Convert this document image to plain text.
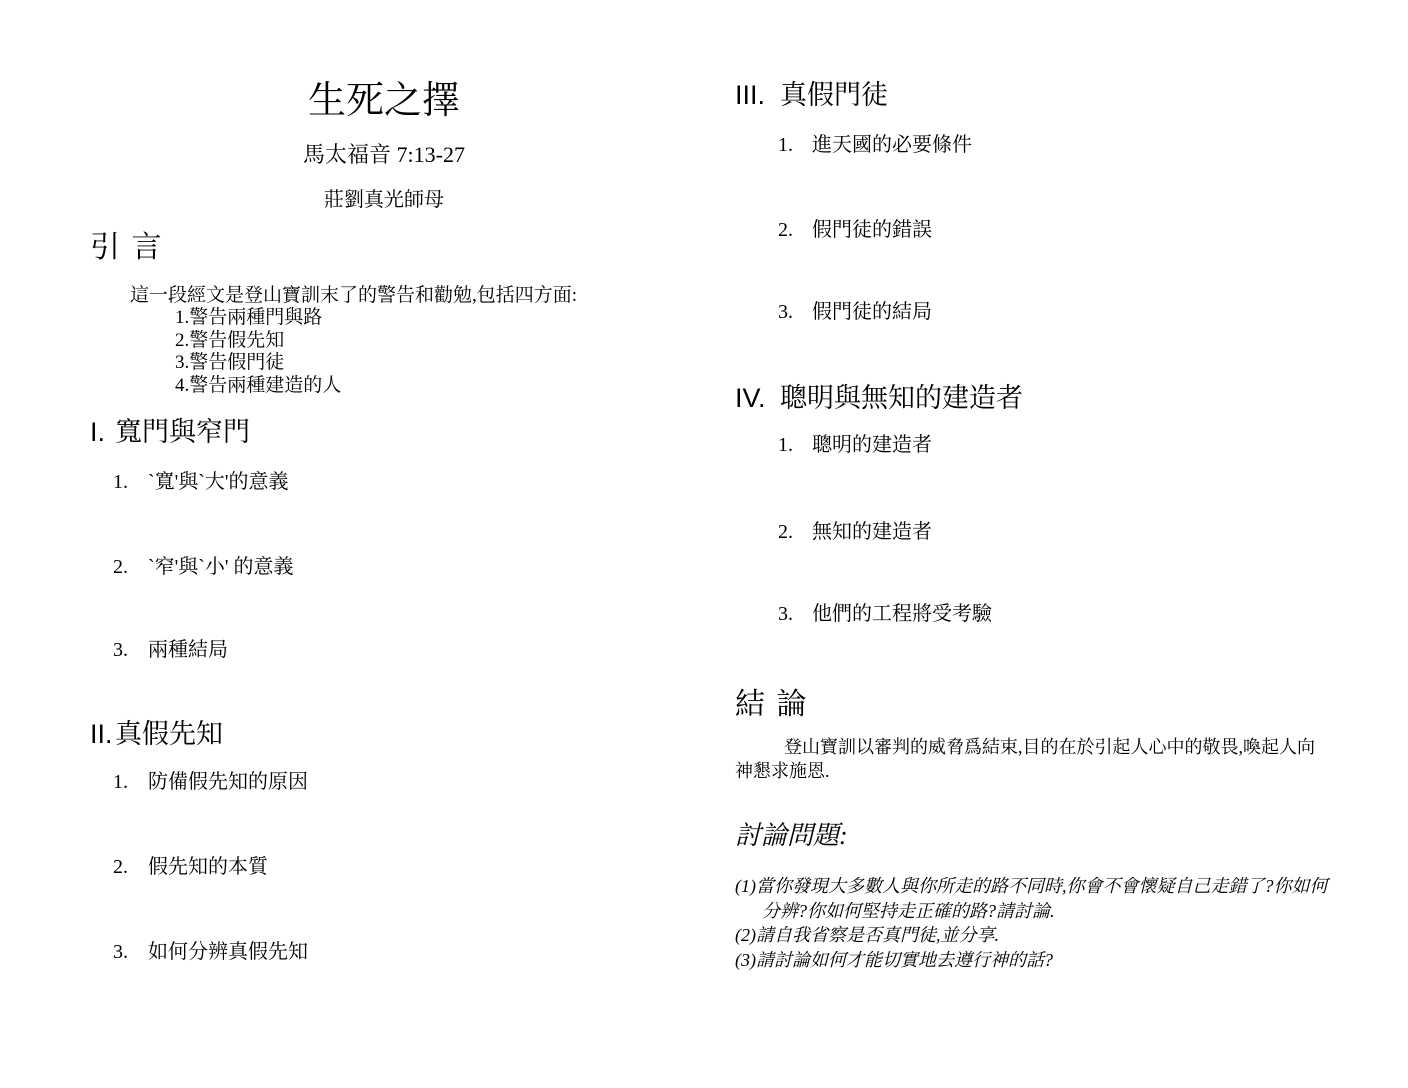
生死之擇
馬太福音 7:13-27
莊劉真光師母
引 言
這一段經文是登山寶訓末了的警告和勸勉,包括四方面:
1.警告兩種門與路
2.警告假先知
3.警告假門徒
4.警告兩種建造的人
I. 寬門與窄門
1.	`寬'與`大'的意義
2.	`窄'與`小' 的意義
3.	兩種結局
II. 真假先知
1.	防備假先知的原因
2.	假先知的本質
3.	如何分辨真假先知
III. 真假門徒
1. 進天國的必要條件
2. 假門徒的錯誤
3. 假門徒的結局
IV. 聰明與無知的建造者
1. 聰明的建造者
2. 無知的建造者
3. 他們的工程將受考驗
結 論
登山寶訓以審判的威脅爲結束,目的在於引起人心中的敬畏,喚起人向神懇求施恩.
討論問題:
(1)當你發現大多數人與你所走的路不同時,你會不會懷疑自己走錯了?你如何分辨?你如何堅持走正確的路?請討論.
(2)請自我省察是否真門徒,並分享.
(3)請討論如何才能切實地去遵行神的話?
